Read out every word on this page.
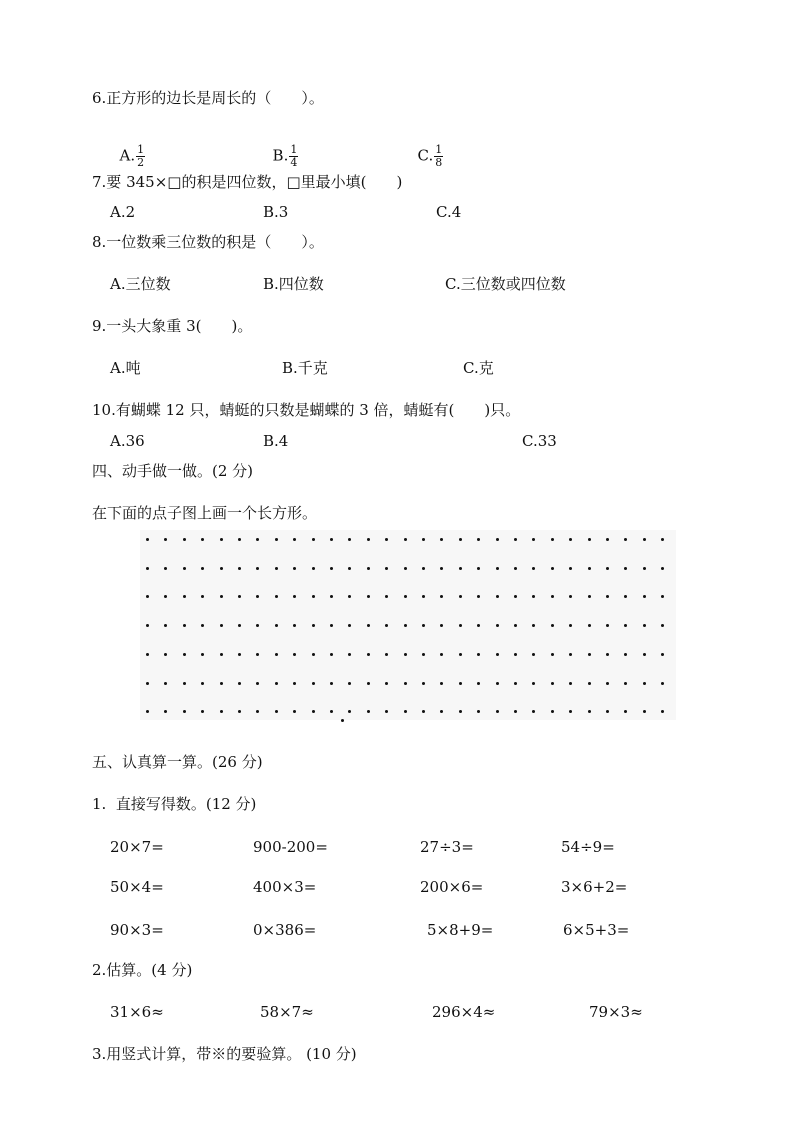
6.正方形的边长是周长的（　　）。

A. $\frac{1}{2}$	B. $\frac{1}{4}$	C. $\frac{1}{8}$

7.要 345×□的积是四位数，□里最小填(　　)
A.2	B.3	C.4
8.一位数乘三位数的积是（　　）。
A.三位数	B.四位数	C.三位数或四位数
9.一头大象重 3(　　)。
A.吨	B.千克	C.克
10.有蝴蝶 12 只，蜻蜓的只数是蝴蝶的 3 倍，蜻蜓有(　　)只。
A.36	B.4	C.33
四、动手做一做。(2 分)
在下面的点子图上画一个长方形。
五、认真算一算。(26 分)
1.  直接写得数。(12 分)
20×7=	900-200=	27÷3=	54÷9=
50×4=	400×3=	200×6=	3×6+2=
90×3=	0×386=	5×8+9=	6×5+3=
2.估算。(4 分)
31×6≈	58×7≈	296×4≈	79×3≈
3.用竖式计算，带※的要验算。 (10 分)
